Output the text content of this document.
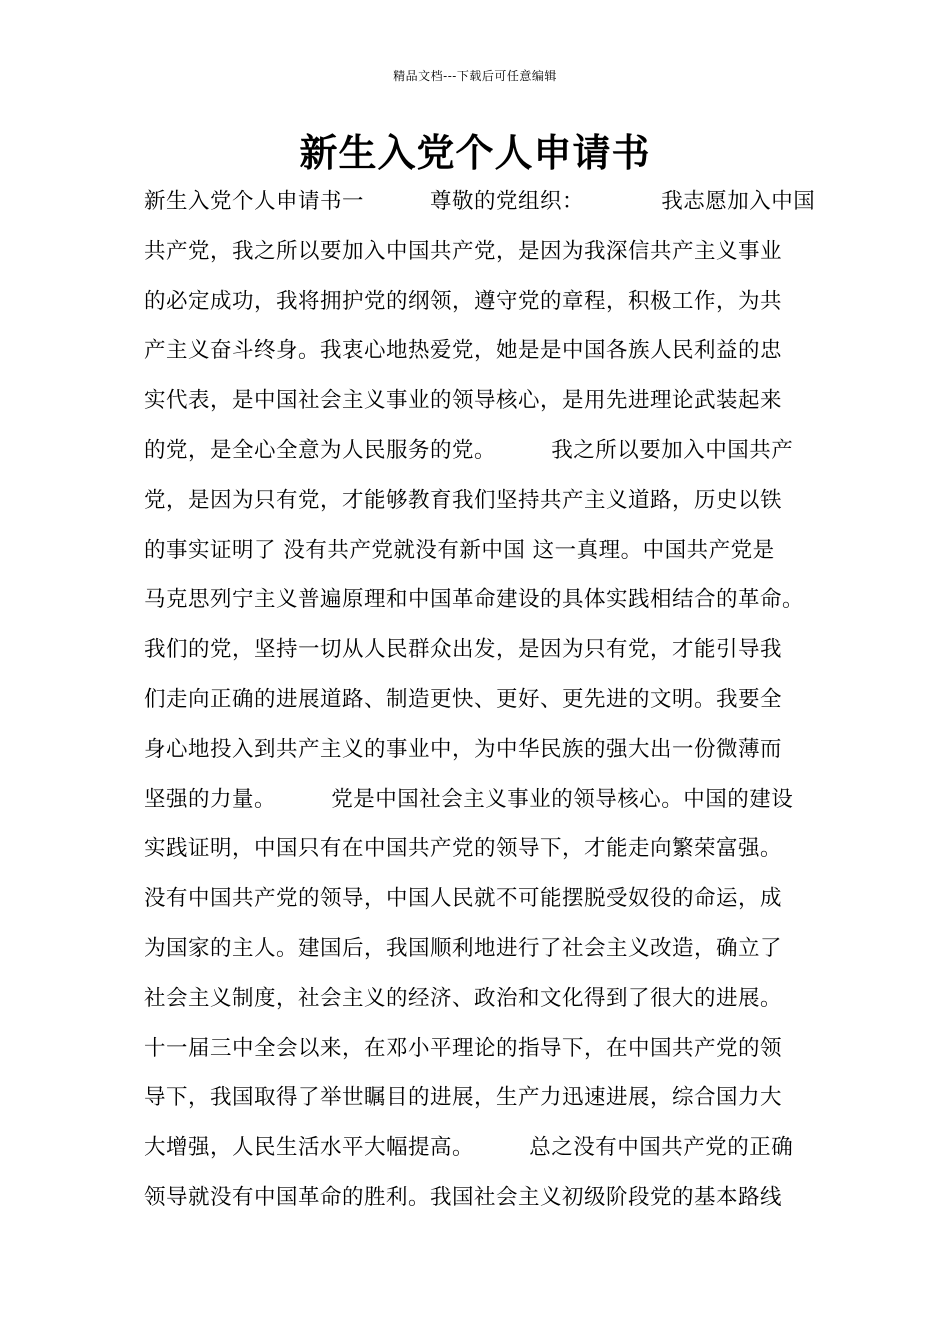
精品文档---下载后可任意编辑
新生入党个人申请书
新生入党个人申请书一　　　尊敬的党组织：　　　　我志愿加入中国
共产党，我之所以要加入中国共产党，是因为我深信共产主义事业
的必定成功，我将拥护党的纲领，遵守党的章程，积极工作，为共
产主义奋斗终身。我衷心地热爱党，她是是中国各族人民利益的忠
实代表，是中国社会主义事业的领导核心，是用先进理论武装起来
的党，是全心全意为人民服务的党。　　　我之所以要加入中国共产
党，是因为只有党，才能够教育我们坚持共产主义道路，历史以铁
的事实证明了 没有共产党就没有新中国 这一真理。中国共产党是
马克思列宁主义普遍原理和中国革命建设的具体实践相结合的革命。
我们的党，坚持一切从人民群众出发，是因为只有党，才能引导我
们走向正确的进展道路、制造更快、更好、更先进的文明。我要全
身心地投入到共产主义的事业中，为中华民族的强大出一份微薄而
坚强的力量。　　　党是中国社会主义事业的领导核心。中国的建设
实践证明，中国只有在中国共产党的领导下，才能走向繁荣富强。
没有中国共产党的领导，中国人民就不可能摆脱受奴役的命运，成
为国家的主人。建国后，我国顺利地进行了社会主义改造，确立了
社会主义制度，社会主义的经济、政治和文化得到了很大的进展。
十一届三中全会以来，在邓小平理论的指导下，在中国共产党的领
导下，我国取得了举世瞩目的进展，生产力迅速进展，综合国力大
大增强，人民生活水平大幅提高。　　　总之没有中国共产党的正确
领导就没有中国革命的胜利。我国社会主义初级阶段党的基本路线
